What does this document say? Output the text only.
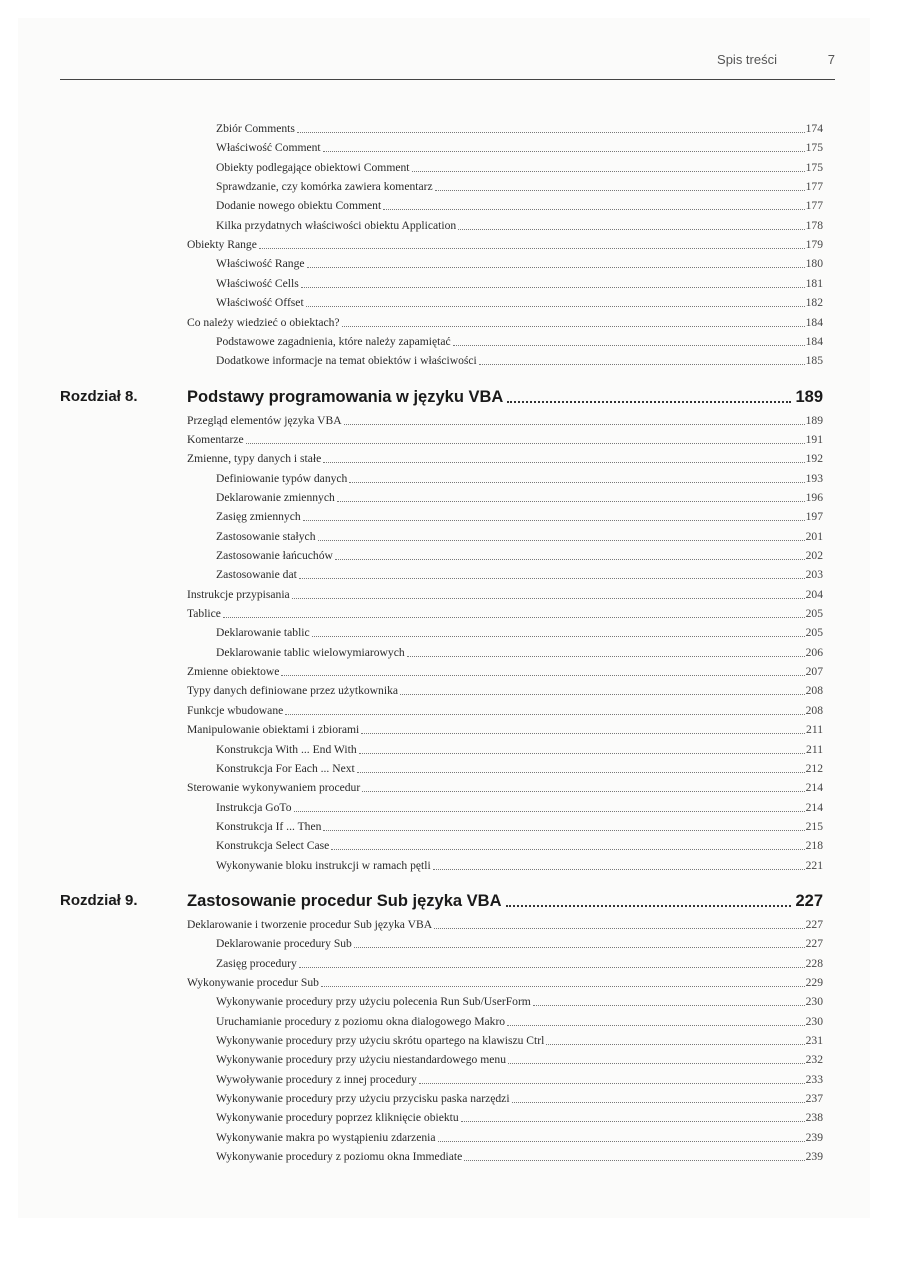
Spis treści	7
Zbiór Comments	174
Właściwość Comment	175
Obiekty podlegające obiektowi Comment	175
Sprawdzanie, czy komórka zawiera komentarz	177
Dodanie nowego obiektu Comment	177
Kilka przydatnych właściwości obiektu Application	178
Obiekty Range	179
Właściwość Range	180
Właściwość Cells	181
Właściwość Offset	182
Co należy wiedzieć o obiektach?	184
Podstawowe zagadnienia, które należy zapamiętać	184
Dodatkowe informacje na temat obiektów i właściwości	185
Rozdział 8.	Podstawy programowania w języku VBA	189
Przegląd elementów języka VBA	189
Komentarze	191
Zmienne, typy danych i stałe	192
Definiowanie typów danych	193
Deklarowanie zmiennych	196
Zasięg zmiennych	197
Zastosowanie stałych	201
Zastosowanie łańcuchów	202
Zastosowanie dat	203
Instrukcje przypisania	204
Tablice	205
Deklarowanie tablic	205
Deklarowanie tablic wielowymiarowych	206
Zmienne obiektowe	207
Typy danych definiowane przez użytkownika	208
Funkcje wbudowane	208
Manipulowanie obiektami i zbiorami	211
Konstrukcja With ... End With	211
Konstrukcja For Each ... Next	212
Sterowanie wykonywaniem procedur	214
Instrukcja GoTo	214
Konstrukcja If ... Then	215
Konstrukcja Select Case	218
Wykonywanie bloku instrukcji w ramach pętli	221
Rozdział 9.	Zastosowanie procedur Sub języka VBA	227
Deklarowanie i tworzenie procedur Sub języka VBA	227
Deklarowanie procedury Sub	227
Zasięg procedury	228
Wykonywanie procedur Sub	229
Wykonywanie procedury przy użyciu polecenia Run Sub/UserForm	230
Uruchamianie procedury z poziomu okna dialogowego Makro	230
Wykonywanie procedury przy użyciu skrótu opartego na klawiszu Ctrl	231
Wykonywanie procedury przy użyciu niestandardowego menu	232
Wywoływanie procedury z innej procedury	233
Wykonywanie procedury przy użyciu przycisku paska narzędzi	237
Wykonywanie procedury poprzez kliknięcie obiektu	238
Wykonywanie makra po wystąpieniu zdarzenia	239
Wykonywanie procedury z poziomu okna Immediate	239
